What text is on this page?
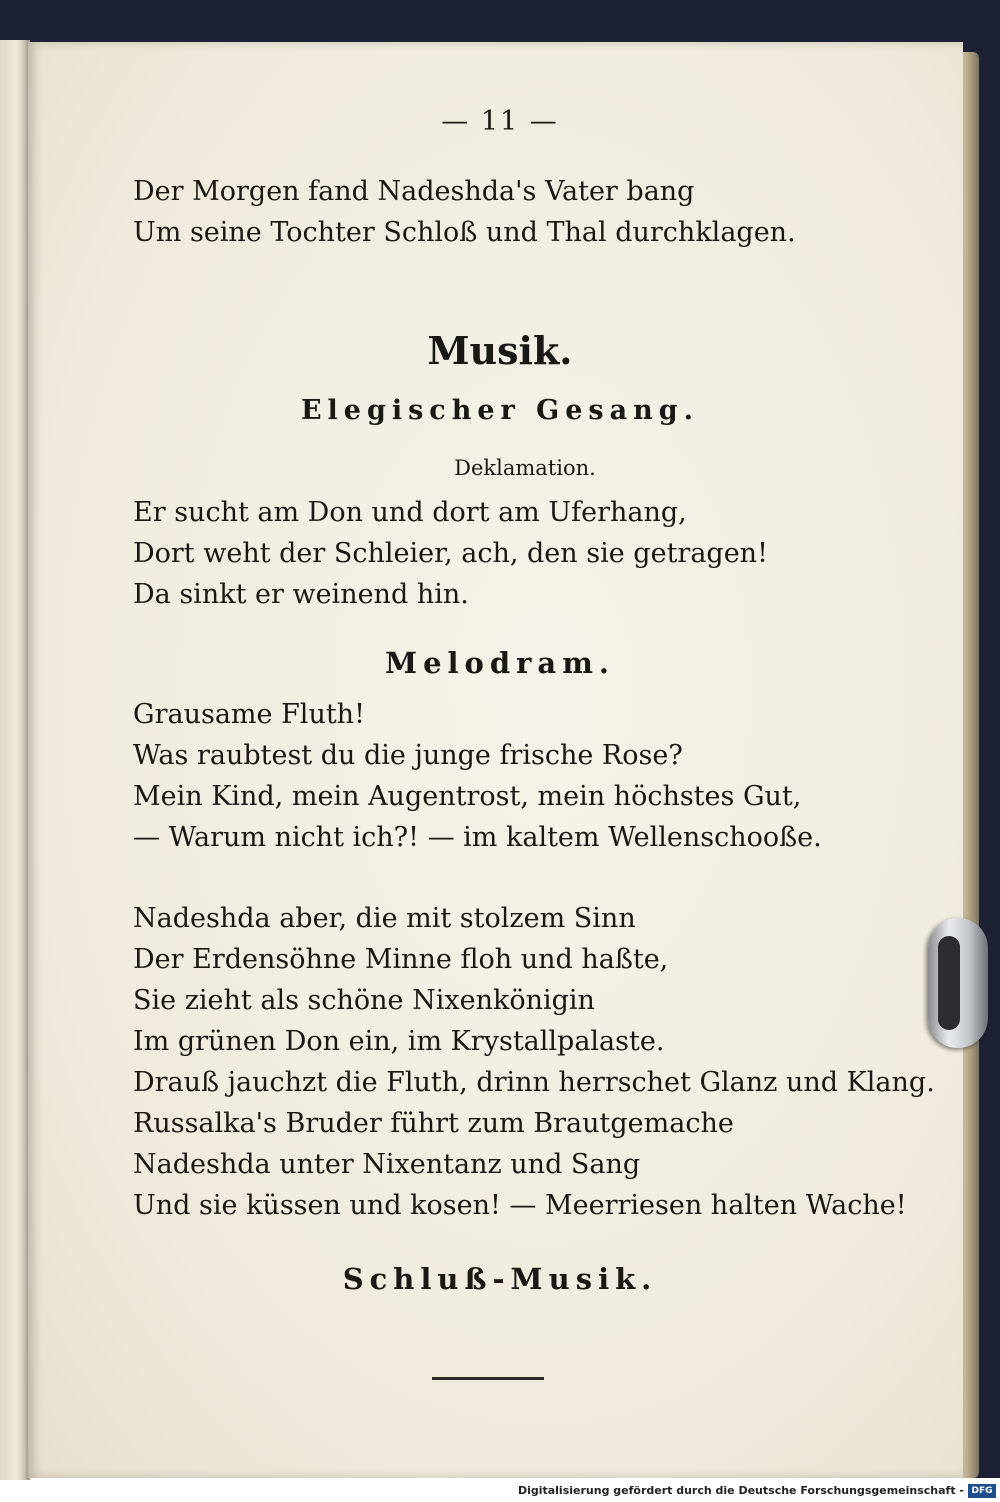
— 11 —
Der Morgen fand Nadeshda's Vater bang
Um seine Tochter Schloß und Thal durchklagen.
Musik.
Elegischer Gesang.
Deklamation.
Er sucht am Don und dort am Uferhang,
Dort weht der Schleier, ach, den sie getragen!
Da sinkt er weinend hin.
Melodram.
Grausame Fluth!
Was raubtest du die junge frische Rose?
Mein Kind, mein Augentrost, mein höchstes Gut,
— Warum nicht ich?! — im kaltem Wellenschooße.
Nadeshda aber, die mit stolzem Sinn
Der Erdensöhne Minne floh und haßte,
Sie zieht als schöne Nixenkönigin
Im grünen Don ein, im Krystallpalaste.
Drauß jauchzt die Fluth, drinn herrschet Glanz und Klang.
Russalka's Bruder führt zum Brautgemache
Nadeshda unter Nixentanz und Sang
Und sie küssen und kosen! — Meerriesen halten Wache!
Schluß-Musik.
Digitalisierung gefördert durch die Deutsche Forschungsgemeinschaft - DFG
